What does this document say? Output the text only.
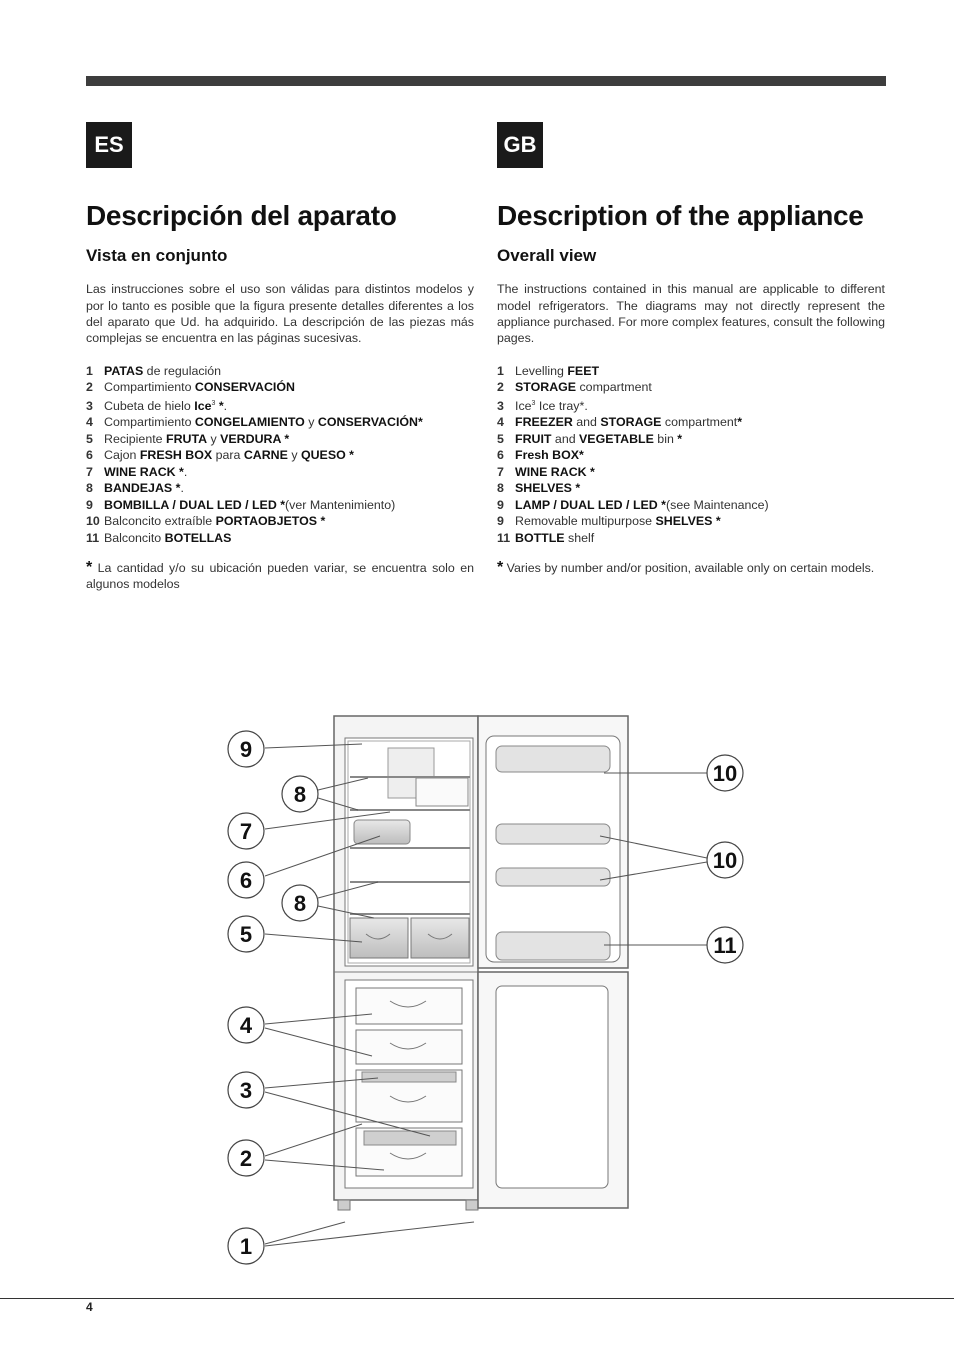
ES
Descripción del aparato
Vista en conjunto

Las instrucciones sobre el uso son válidas para distintos modelos y por lo tanto es posible que la figura presente detalles diferentes a los del aparato que Ud. ha adquirido. La descripción de las piezas más complejas se encuentra en las páginas sucesivas.

1 PATAS de regulación
2 Compartimiento CONSERVACIÓN
3 Cubeta de hielo Ice$^3$ *.
4 Compartimiento CONGELAMIENTO y CONSERVACIÓN*
5 Recipiente FRUTA y VERDURA *
6 Cajon FRESH BOX para CARNE y QUESO *
7 WINE RACK *.
8 BANDEJAS *.
9 BOMBILLA / DUAL LED / LED *(ver Mantenimiento)
10 Balconcito extraíble PORTAOBJETOS *
11 Balconcito BOTELLAS

* La cantidad y/o su ubicación pueden variar, se encuentra solo en algunos modelos

GB
Description of the appliance
Overall view

The instructions contained in this manual are applicable to different model refrigerators. The diagrams may not directly represent the appliance purchased. For more complex features, consult the following pages.

1 Levelling FEET
2 STORAGE compartment
3 Ice$^3$ Ice tray*.
4 FREEZER and STORAGE compartment*
5 FRUIT and VEGETABLE bin *
6 Fresh BOX*
7 WINE RACK *
8 SHELVES *
9 LAMP / DUAL LED / LED *(see Maintenance)
9 Removable multipurpose SHELVES *
11 BOTTLE shelf

* Varies by number and/or position, available only on certain models.

9
8
7
6
8
5
4
3
2
1
10
10
11
4
